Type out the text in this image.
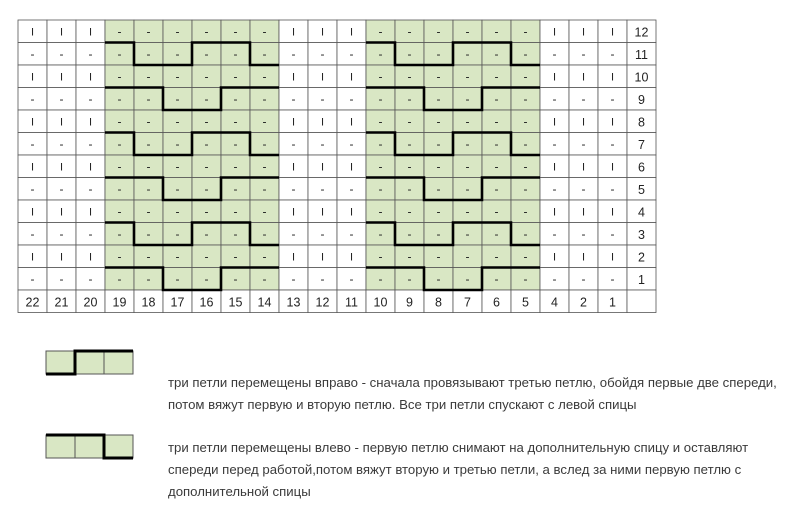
I I I - - - - - - I I I - - - - - - I I I 12
- - - - - - - - - - - - - - - - - - - - - 11
I I I - - - - - - I I I - - - - - - I I I 10
- - - - - - - - - - - - - - - - - - - - - 9
I I I - - - - - - I I I - - - - - - I I I 8
- - - - - - - - - - - - - - - - - - - - - 7
I I I - - - - - - I I I - - - - - - I I I 6
- - - - - - - - - - - - - - - - - - - - - 5
I I I - - - - - - I I I - - - - - - I I I 4
- - - - - - - - - - - - - - - - - - - - - 3
I I I - - - - - - I I I - - - - - - I I I 2
- - - - - - - - - - - - - - - - - - - - - 1
22 21 20 19 18 17 16 15 14 13 12 11 10 9 8 7 6 5 4 2 1
три петли перемещены вправо - сначала провязывают третью петлю, обойдя первые две спереди, потом вяжут первую и вторую петлю. Все три петли спускают с левой спицы
три петли перемещены влево - первую петлю снимают на дополнительную спицу и оставляют спереди перед работой,потом вяжут вторую и третью петли, а вслед за ними первую петлю с дополнительной спицы
